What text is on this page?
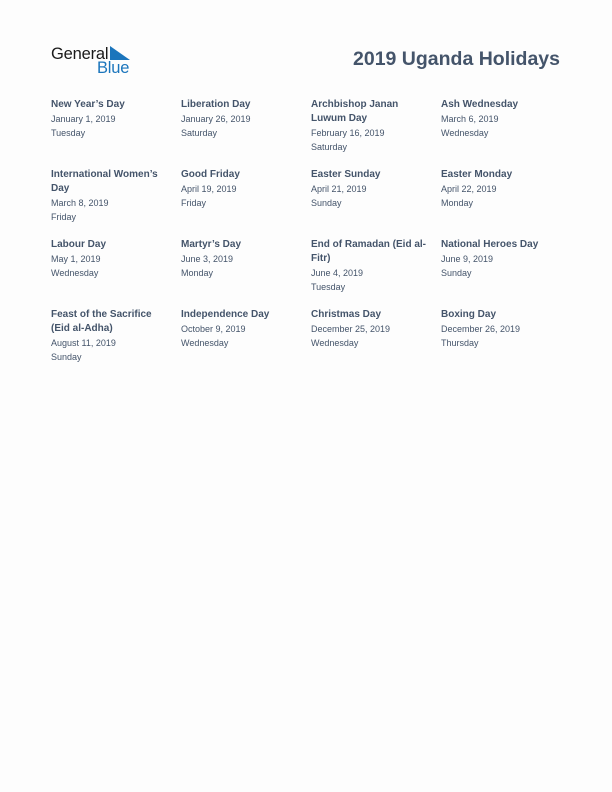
General
Blue	2019 Uganda Holidays
New Year’s Day
January 1, 2019
Tuesday
Liberation Day
January 26, 2019
Saturday
Archbishop Janan Luwum Day
February 16, 2019
Saturday
Ash Wednesday
March 6, 2019
Wednesday
International Women’s Day
March 8, 2019
Friday
Good Friday
April 19, 2019
Friday
Easter Sunday
April 21, 2019
Sunday
Easter Monday
April 22, 2019
Monday
Labour Day
May 1, 2019
Wednesday
Martyr’s Day
June 3, 2019
Monday
End of Ramadan (Eid al-Fitr)
June 4, 2019
Tuesday
National Heroes Day
June 9, 2019
Sunday
Feast of the Sacrifice (Eid al-Adha)
August 11, 2019
Sunday
Independence Day
October 9, 2019
Wednesday
Christmas Day
December 25, 2019
Wednesday
Boxing Day
December 26, 2019
Thursday
